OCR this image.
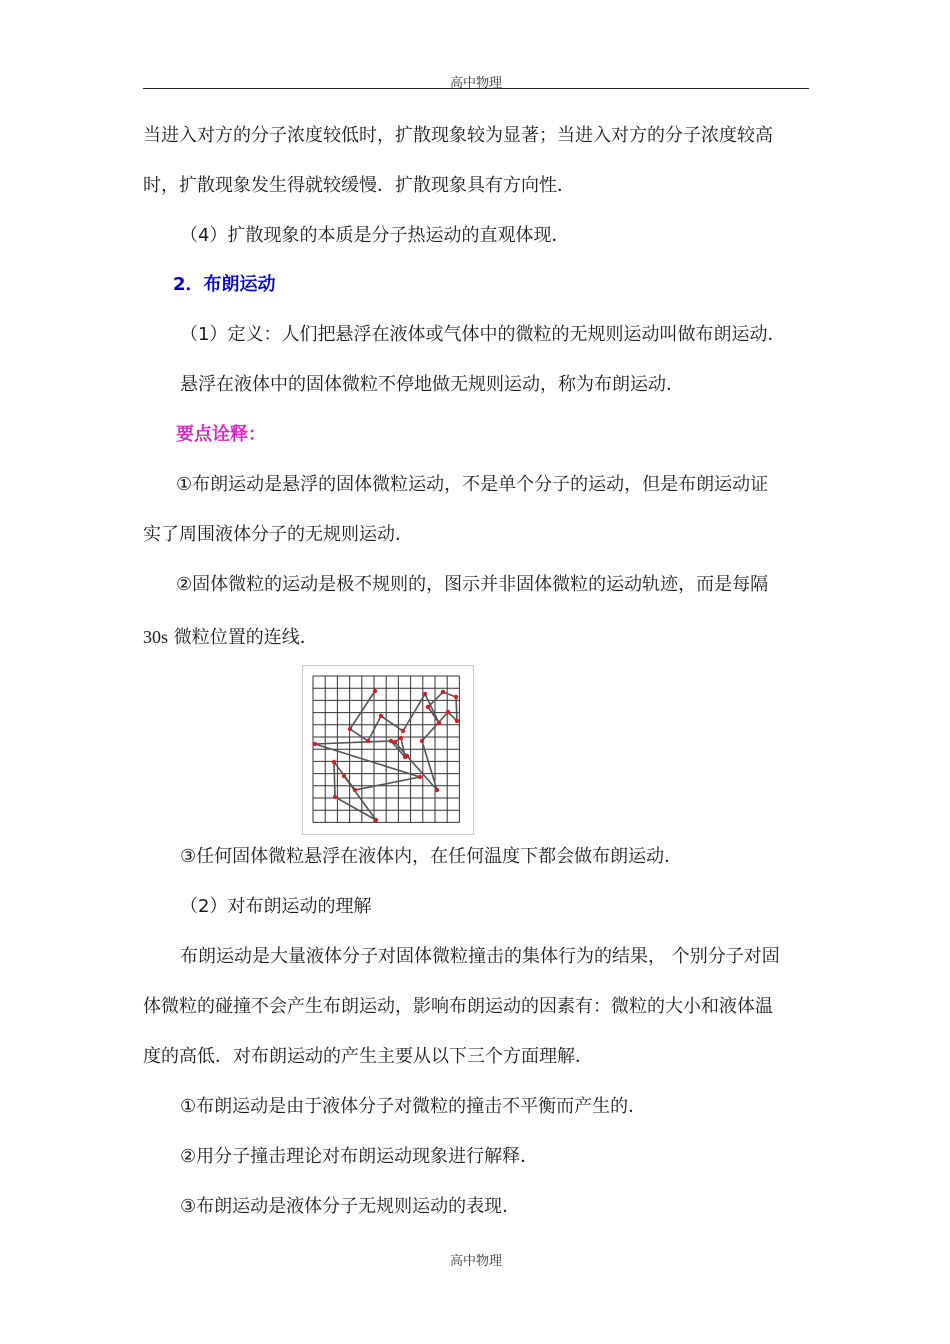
高中物理
当进入对方的分子浓度较低时，扩散现象较为显著；当进入对方的分子浓度较高
时，扩散现象发生得就较缓慢．扩散现象具有方向性．
（4）扩散现象的本质是分子热运动的直观体现．
2．布朗运动
（1）定义：人们把悬浮在液体或气体中的微粒的无规则运动叫做布朗运动．
悬浮在液体中的固体微粒不停地做无规则运动，称为布朗运动．
要点诠释：
①布朗运动是悬浮的固体微粒运动，不是单个分子的运动，但是布朗运动证
实了周围液体分子的无规则运动．
②固体微粒的运动是极不规则的，图示并非固体微粒的运动轨迹，而是每隔
30s 微粒位置的连线．
③任何固体微粒悬浮在液体内，在任何温度下都会做布朗运动．
（2）对布朗运动的理解
布朗运动是大量液体分子对固体微粒撞击的集体行为的结果， 个别分子对固
体微粒的碰撞不会产生布朗运动，影响布朗运动的因素有：微粒的大小和液体温
度的高低．对布朗运动的产生主要从以下三个方面理解．
①布朗运动是由于液体分子对微粒的撞击不平衡而产生的．
②用分子撞击理论对布朗运动现象进行解释．
③布朗运动是液体分子无规则运动的表现．
高中物理
